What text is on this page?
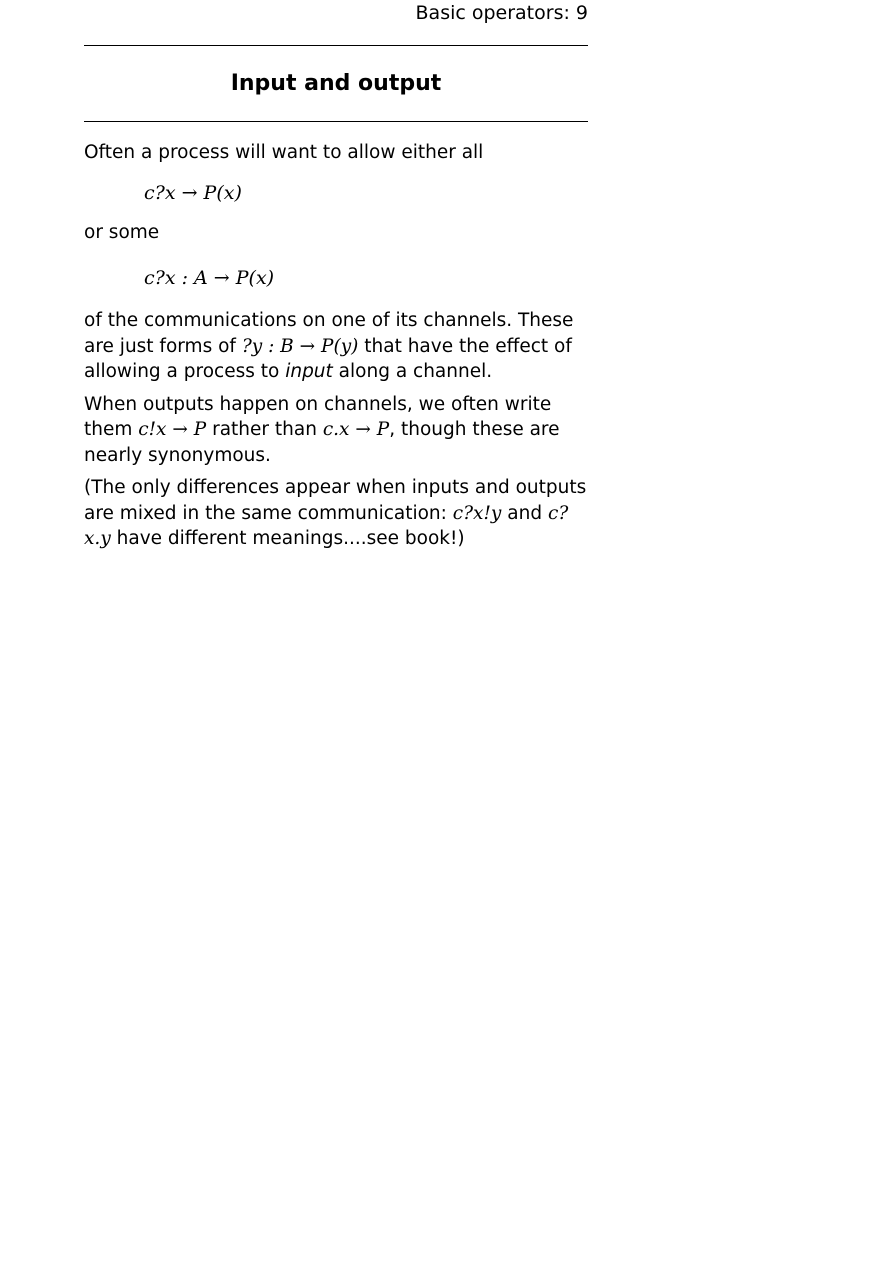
Basic operators: 9
Input and output

Often a process will want to allow either all

c?x → P(x)

or some

c?x : A → P(x)

of the communications on one of its channels. These are just forms of ?y : B → P(y) that have the effect of allowing a process to input along a channel.

When outputs happen on channels, we often write them c!x → P rather than c.x → P, though these are nearly synonymous.

(The only differences appear when inputs and outputs are mixed in the same communication: c?x!y and c?x.y have different meanings....see book!)
